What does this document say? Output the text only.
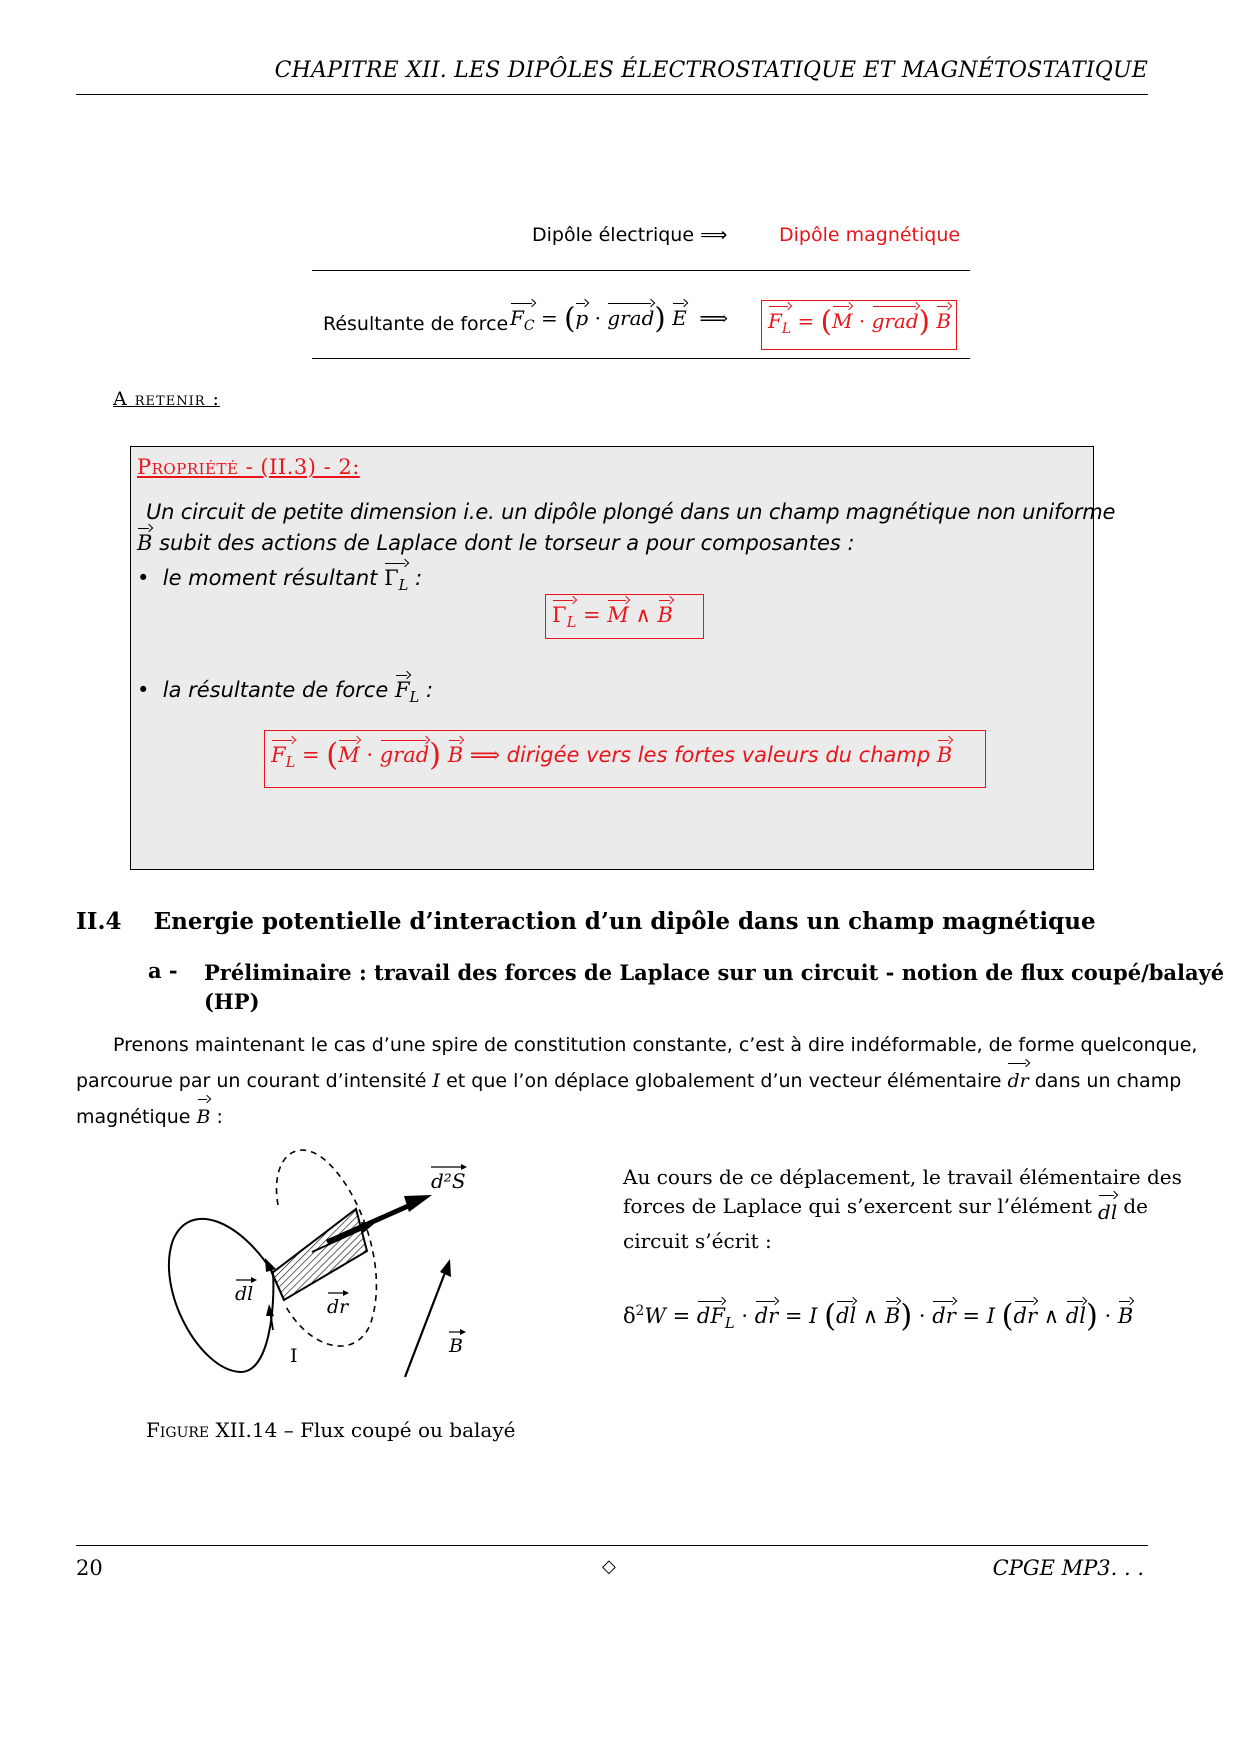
CHAPITRE XII. LES DIPÔLES ÉLECTROSTATIQUE ET MAGNÉTOSTATIQUE
Dipôle électrique ⟹	Dipôle magnétique
Résultante de force $F_C = (p$ · grad) E ⟹	$F_L = (M$ · grad) B
A retenir :
Propriété - (II.3) - 2:
Un circuit de petite dimension i.e. un dipôle plongé dans un champ magnétique non uniforme
B subit des actions de Laplace dont le torseur a pour composantes :
• le moment résultant $\Gamma_L$ :
$\Gamma_L = M$ ∧ B
• la résultante de force $F_L$ :
$F_L = (M$ · grad) B ⟹ dirigée vers les fortes valeurs du champ B
II.4 Energie potentielle d’interaction d’un dipôle dans un champ magnétique
a - Préliminaire : travail des forces de Laplace sur un circuit - notion de flux coupé/balayé
(HP)
Prenons maintenant le cas d’une spire de constitution constante, c’est à dire indéformable, de forme quelconque,
parcourue par un courant d’intensité I et que l’on déplace globalement d’un vecteur élémentaire dr dans un champ
magnétique B :
d²S
dl
dr
I	B
Figure XII.14 – Flux coupé ou balayé
Au cours de ce déplacement, le travail élémentaire des
forces de Laplace qui s’exercent sur l’élément dl de
circuit s’écrit :
$\delta^2W = dF_L$ · dr = I (dl ∧ B) · dr = I (dr ∧ dl) · B
20	◇	CPGE MP3. . .
